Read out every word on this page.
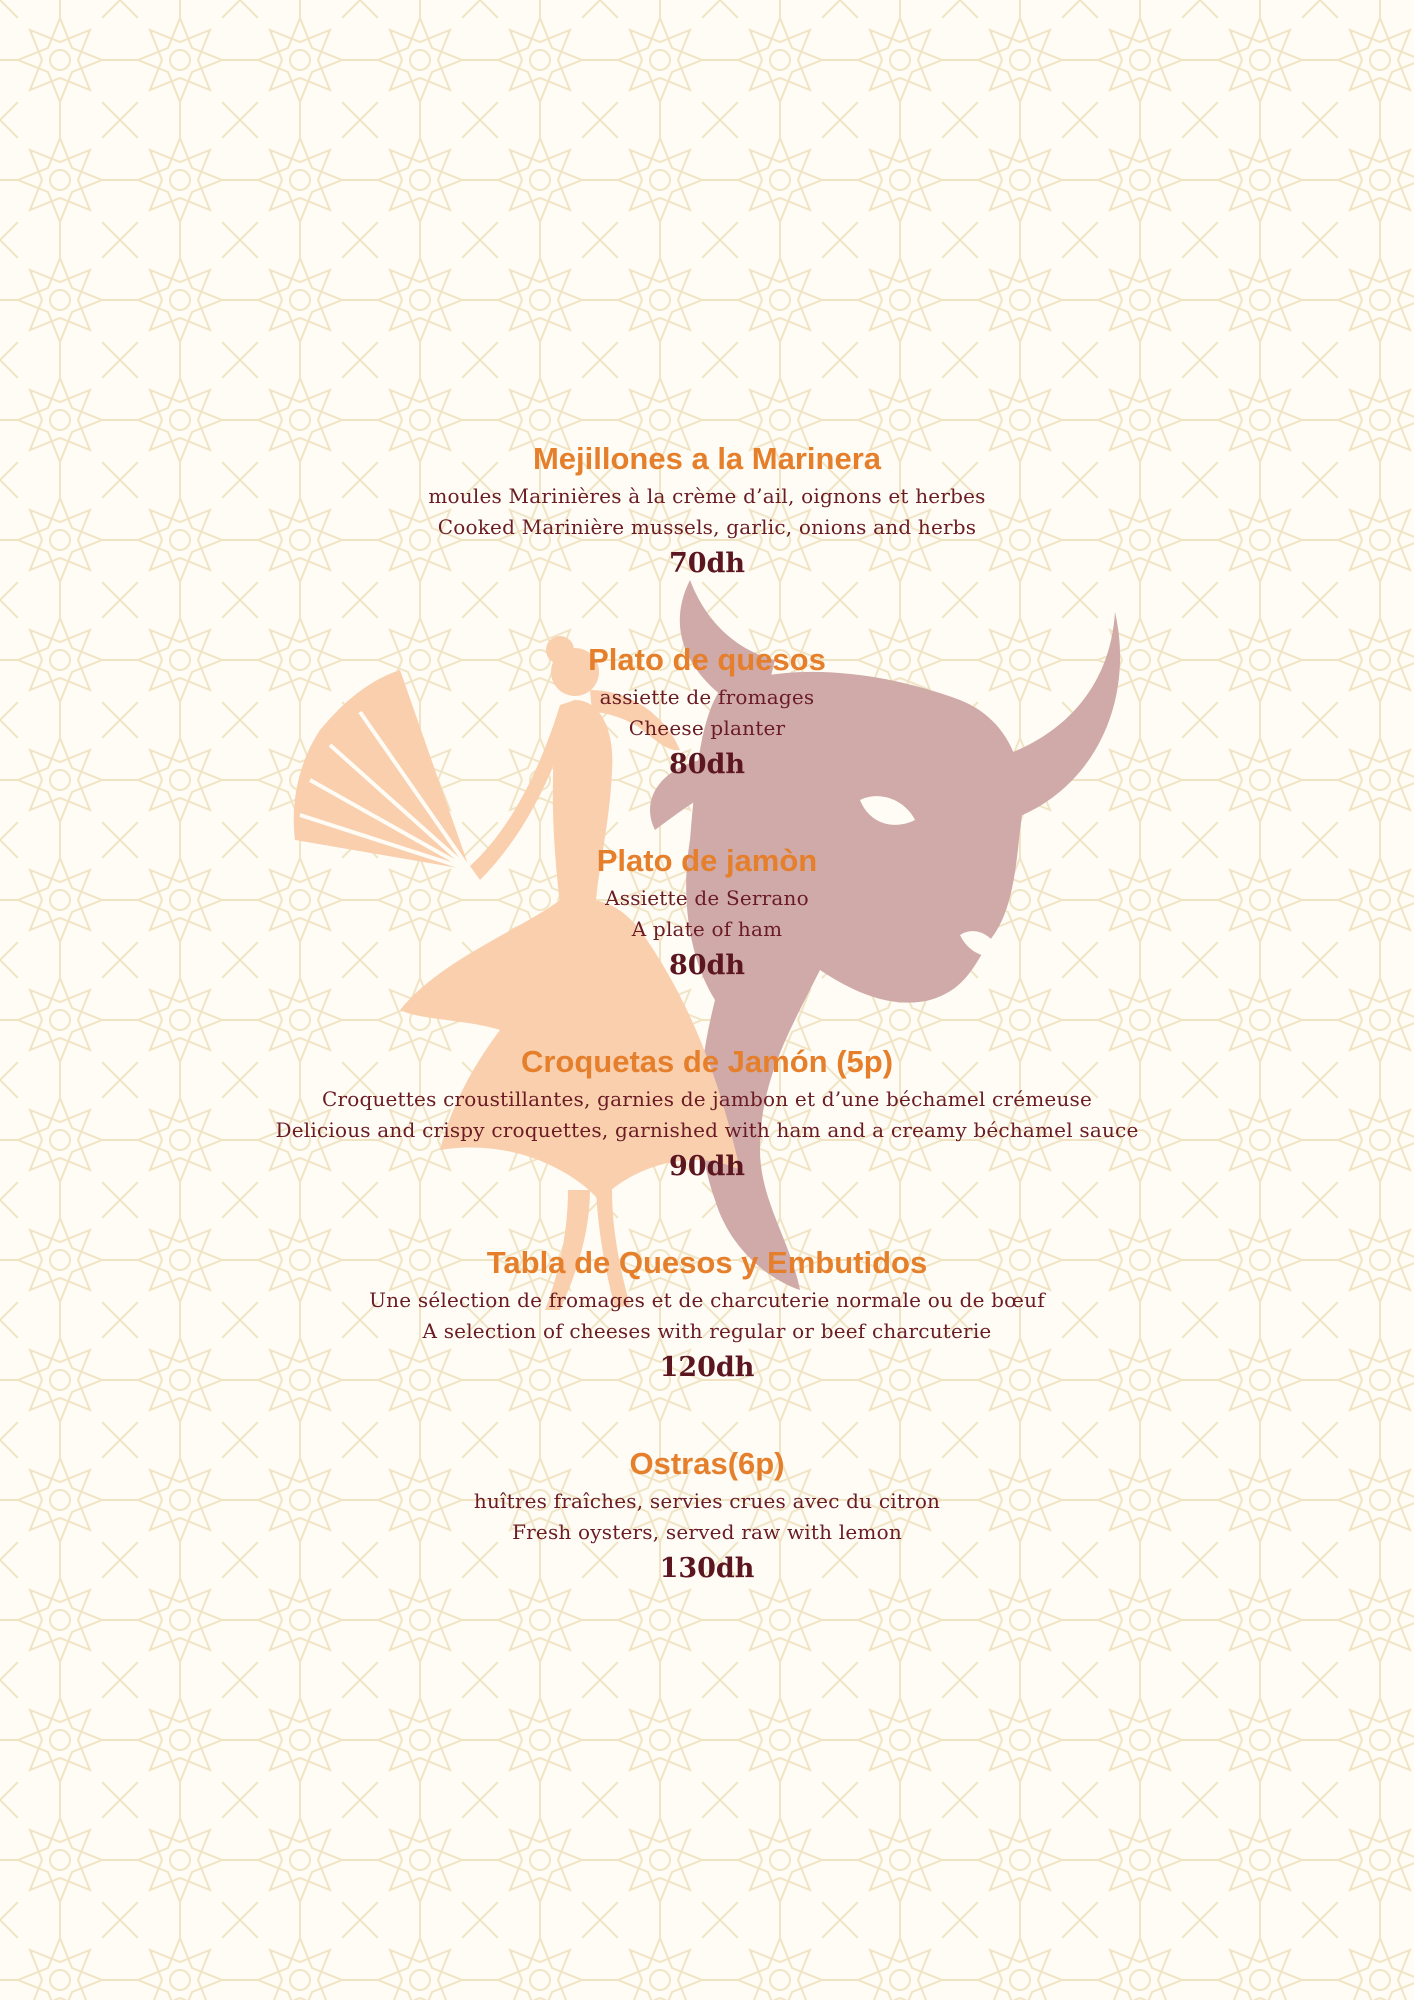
Mejillones a la Marinera
moules Marinières à la crème d’ail, oignons et herbes
Cooked Marinière mussels, garlic, onions and herbs
70dh
Plato de quesos
assiette de fromages
Cheese planter
80dh
Plato de jamòn
Assiette de Serrano
A plate of ham
80dh
Croquetas de Jamón (5p)
Croquettes croustillantes, garnies de jambon et d’une béchamel crémeuse
Delicious and crispy croquettes, garnished with ham and a creamy béchamel sauce
90dh
Tabla de Quesos y Embutidos
Une sélection de fromages et de charcuterie normale ou de bœuf
A selection of cheeses with regular or beef charcuterie
120dh
Ostras(6p)
huîtres fraîches, servies crues avec du citron
Fresh oysters, served raw with lemon
130dh
